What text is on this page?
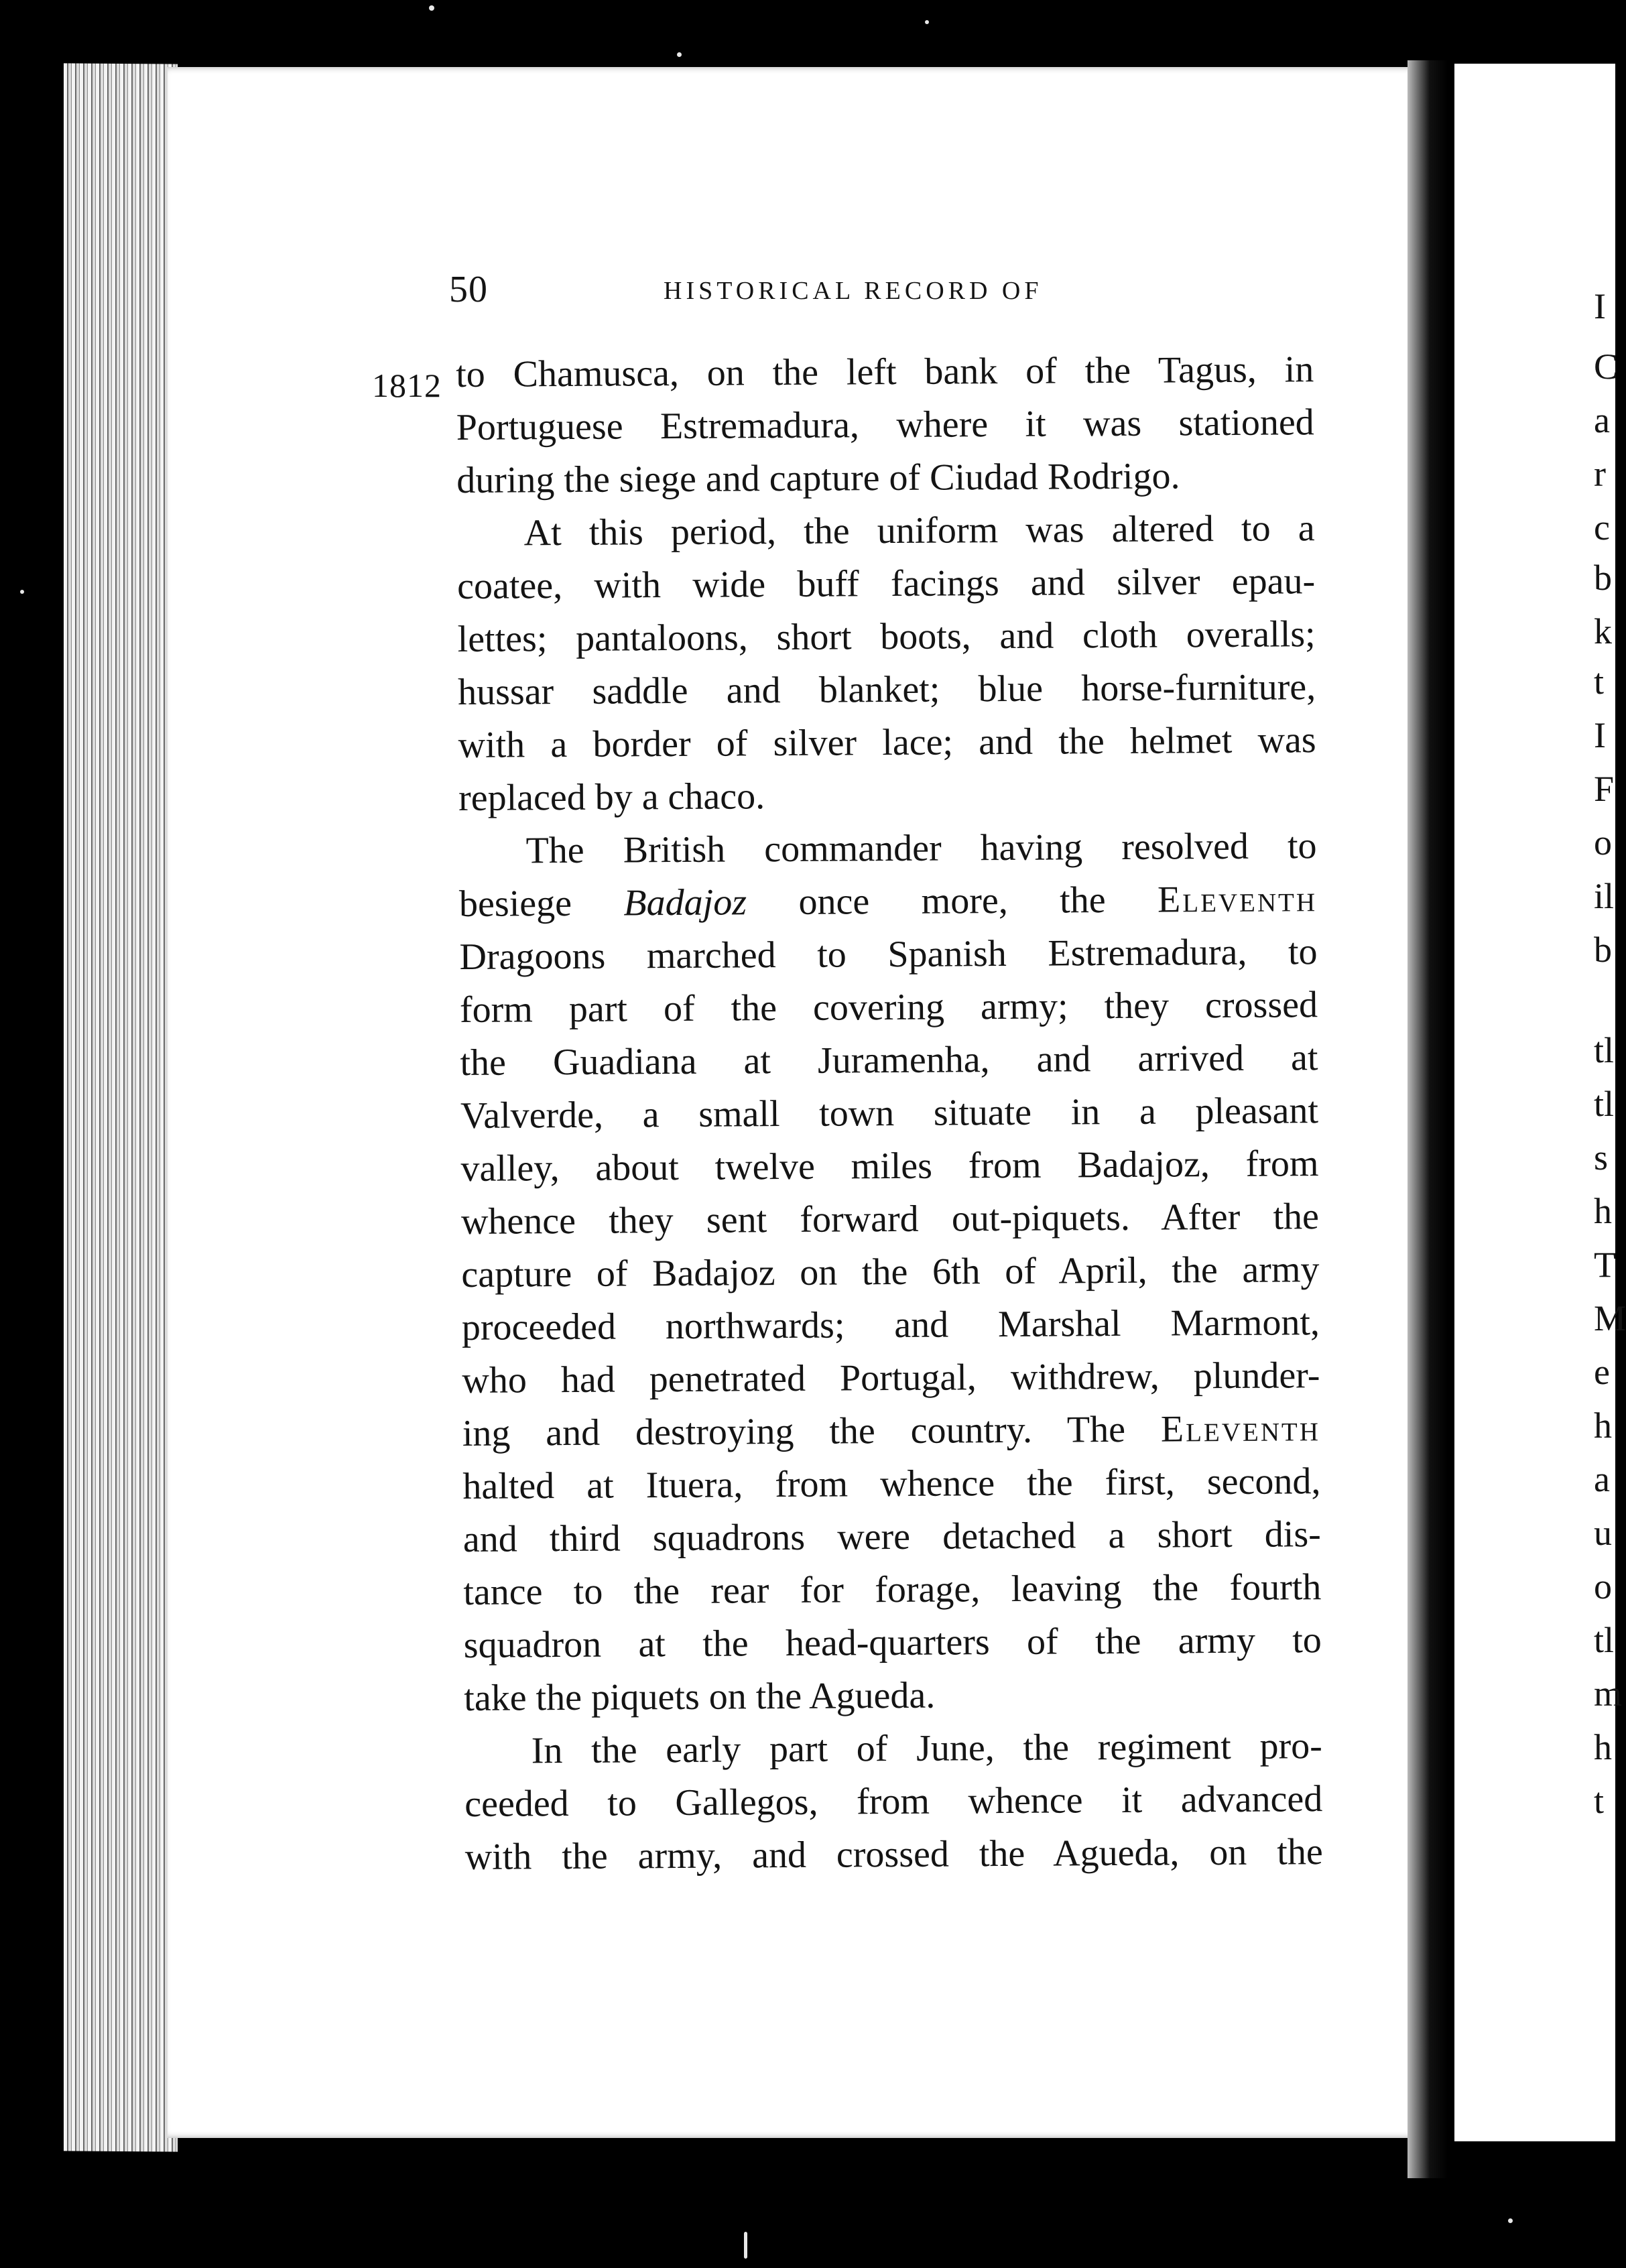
I
C
a
r
c
b
k
t
I
F
o
il
b
tl
tl
s
h
T
M
e
h
a
u
o
tl
m
h
t
50	HISTORICAL RECORD OF
1812 to Chamusca, on the left bank of the Tagus, in
Portuguese Estremadura, where it was stationed
during the siege and capture of Ciudad Rodrigo.
At this period, the uniform was altered to a
coatee, with wide buff facings and silver epau-
lettes; pantaloons, short boots, and cloth overalls;
hussar saddle and blanket; blue horse-furniture,
with a border of silver lace; and the helmet was
replaced by a chaco.
The British commander having resolved to
besiege Badajoz once more, the Eleventh
Dragoons marched to Spanish Estremadura, to
form part of the covering army; they crossed
the Guadiana at Juramenha, and arrived at
Valverde, a small town situate in a pleasant
valley, about twelve miles from Badajoz, from
whence they sent forward out-piquets. After the
capture of Badajoz on the 6th of April, the army
proceeded northwards; and Marshal Marmont,
who had penetrated Portugal, withdrew, plunder-
ing and destroying the country. The Eleventh
halted at Ituera, from whence the first, second,
and third squadrons were detached a short dis-
tance to the rear for forage, leaving the fourth
squadron at the head-quarters of the army to
take the piquets on the Agueda.
In the early part of June, the regiment pro-
ceeded to Gallegos, from whence it advanced
with the army, and crossed the Agueda, on the
